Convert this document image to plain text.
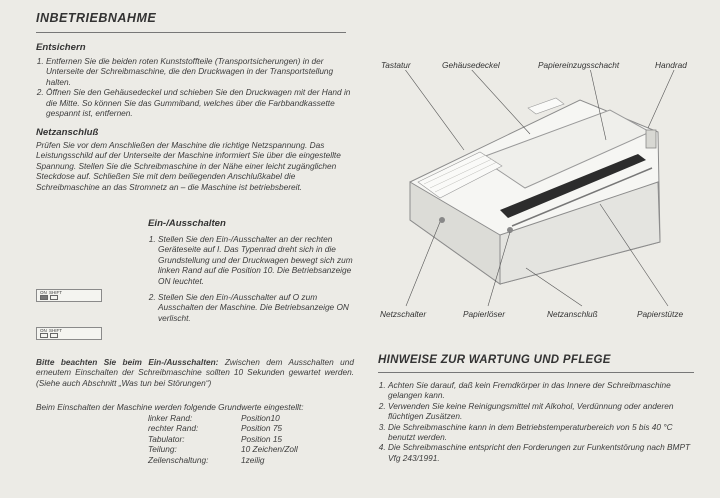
INBETRIEBNAHME
Entsichern
1. Entfernen Sie die beiden roten Kunststoffteile (Transportsicherungen) in der Unterseite der Schreibmaschine, die den Druckwagen in der Transportstellung halten.
2. Öffnen Sie den Gehäusedeckel und schieben Sie den Druckwagen mit der Hand in die Mitte. So können Sie das Gummiband, welches über die Farbbandkassette gespannt ist, entfernen.
Netzanschluß
Prüfen Sie vor dem Anschließen der Maschine die richtige Netzspannung. Das Leistungsschild auf der Unterseite der Maschine informiert Sie über die eingestellte Spannung. Stellen Sie die Schreibmaschine in der Nähe einer leicht zugänglichen Steckdose auf. Schließen Sie mit dem beiliegenden Anschlußkabel die Schreibmaschine an das Stromnetz an – die Maschine ist betriebsbereit.
Ein-/Ausschalten
1. Stellen Sie den Ein-/Ausschalter an der rechten Geräteseite auf I. Das Typenrad dreht sich in die Grundstellung und der Druckwagen bewegt sich zum linken Rand auf die Position 10. Die Betriebsanzeige ON leuchtet.
2. Stellen Sie den Ein-/Ausschalter auf O zum Ausschalten der Maschine. Die Betriebsanzeige ON verlischt.
ON SHIFT
ON SHIFT
Bitte beachten Sie beim Ein-/Ausschalten: Zwischen dem Ausschalten und erneutem Einschalten der Schreibmaschine sollten 10 Sekunden gewartet werden. (Siehe auch Abschnitt „Was tun bei Störungen“)
Beim Einschalten der Maschine werden folgende Grundwerte eingestellt:
linker Rand:	Position10
rechter Rand:	Position 75
Tabulator:	Position 15
Teilung:	10 Zeichen/Zoll
Zeilenschaltung:	1zeilig
Tastatur	Gehäusedeckel	Papiereinzugsschacht	Handrad
Netzschalter	Papierlöser	Netzanschluß	Papierstütze
HINWEISE ZUR WARTUNG UND PFLEGE
1. Achten Sie darauf, daß kein Fremdkörper in das Innere der Schreibmaschine gelangen kann.
2. Verwenden Sie keine Reinigungsmittel mit Alkohol, Verdünnung oder anderen flüchtigen Zusätzen.
3. Die Schreibmaschine kann in dem Betriebstemperaturbereich von 5 bis 40 °C benutzt werden.
4. Die Schreibmaschine entspricht den Forderungen zur Funkentstörung nach BMPT Vfg 243/1991.
